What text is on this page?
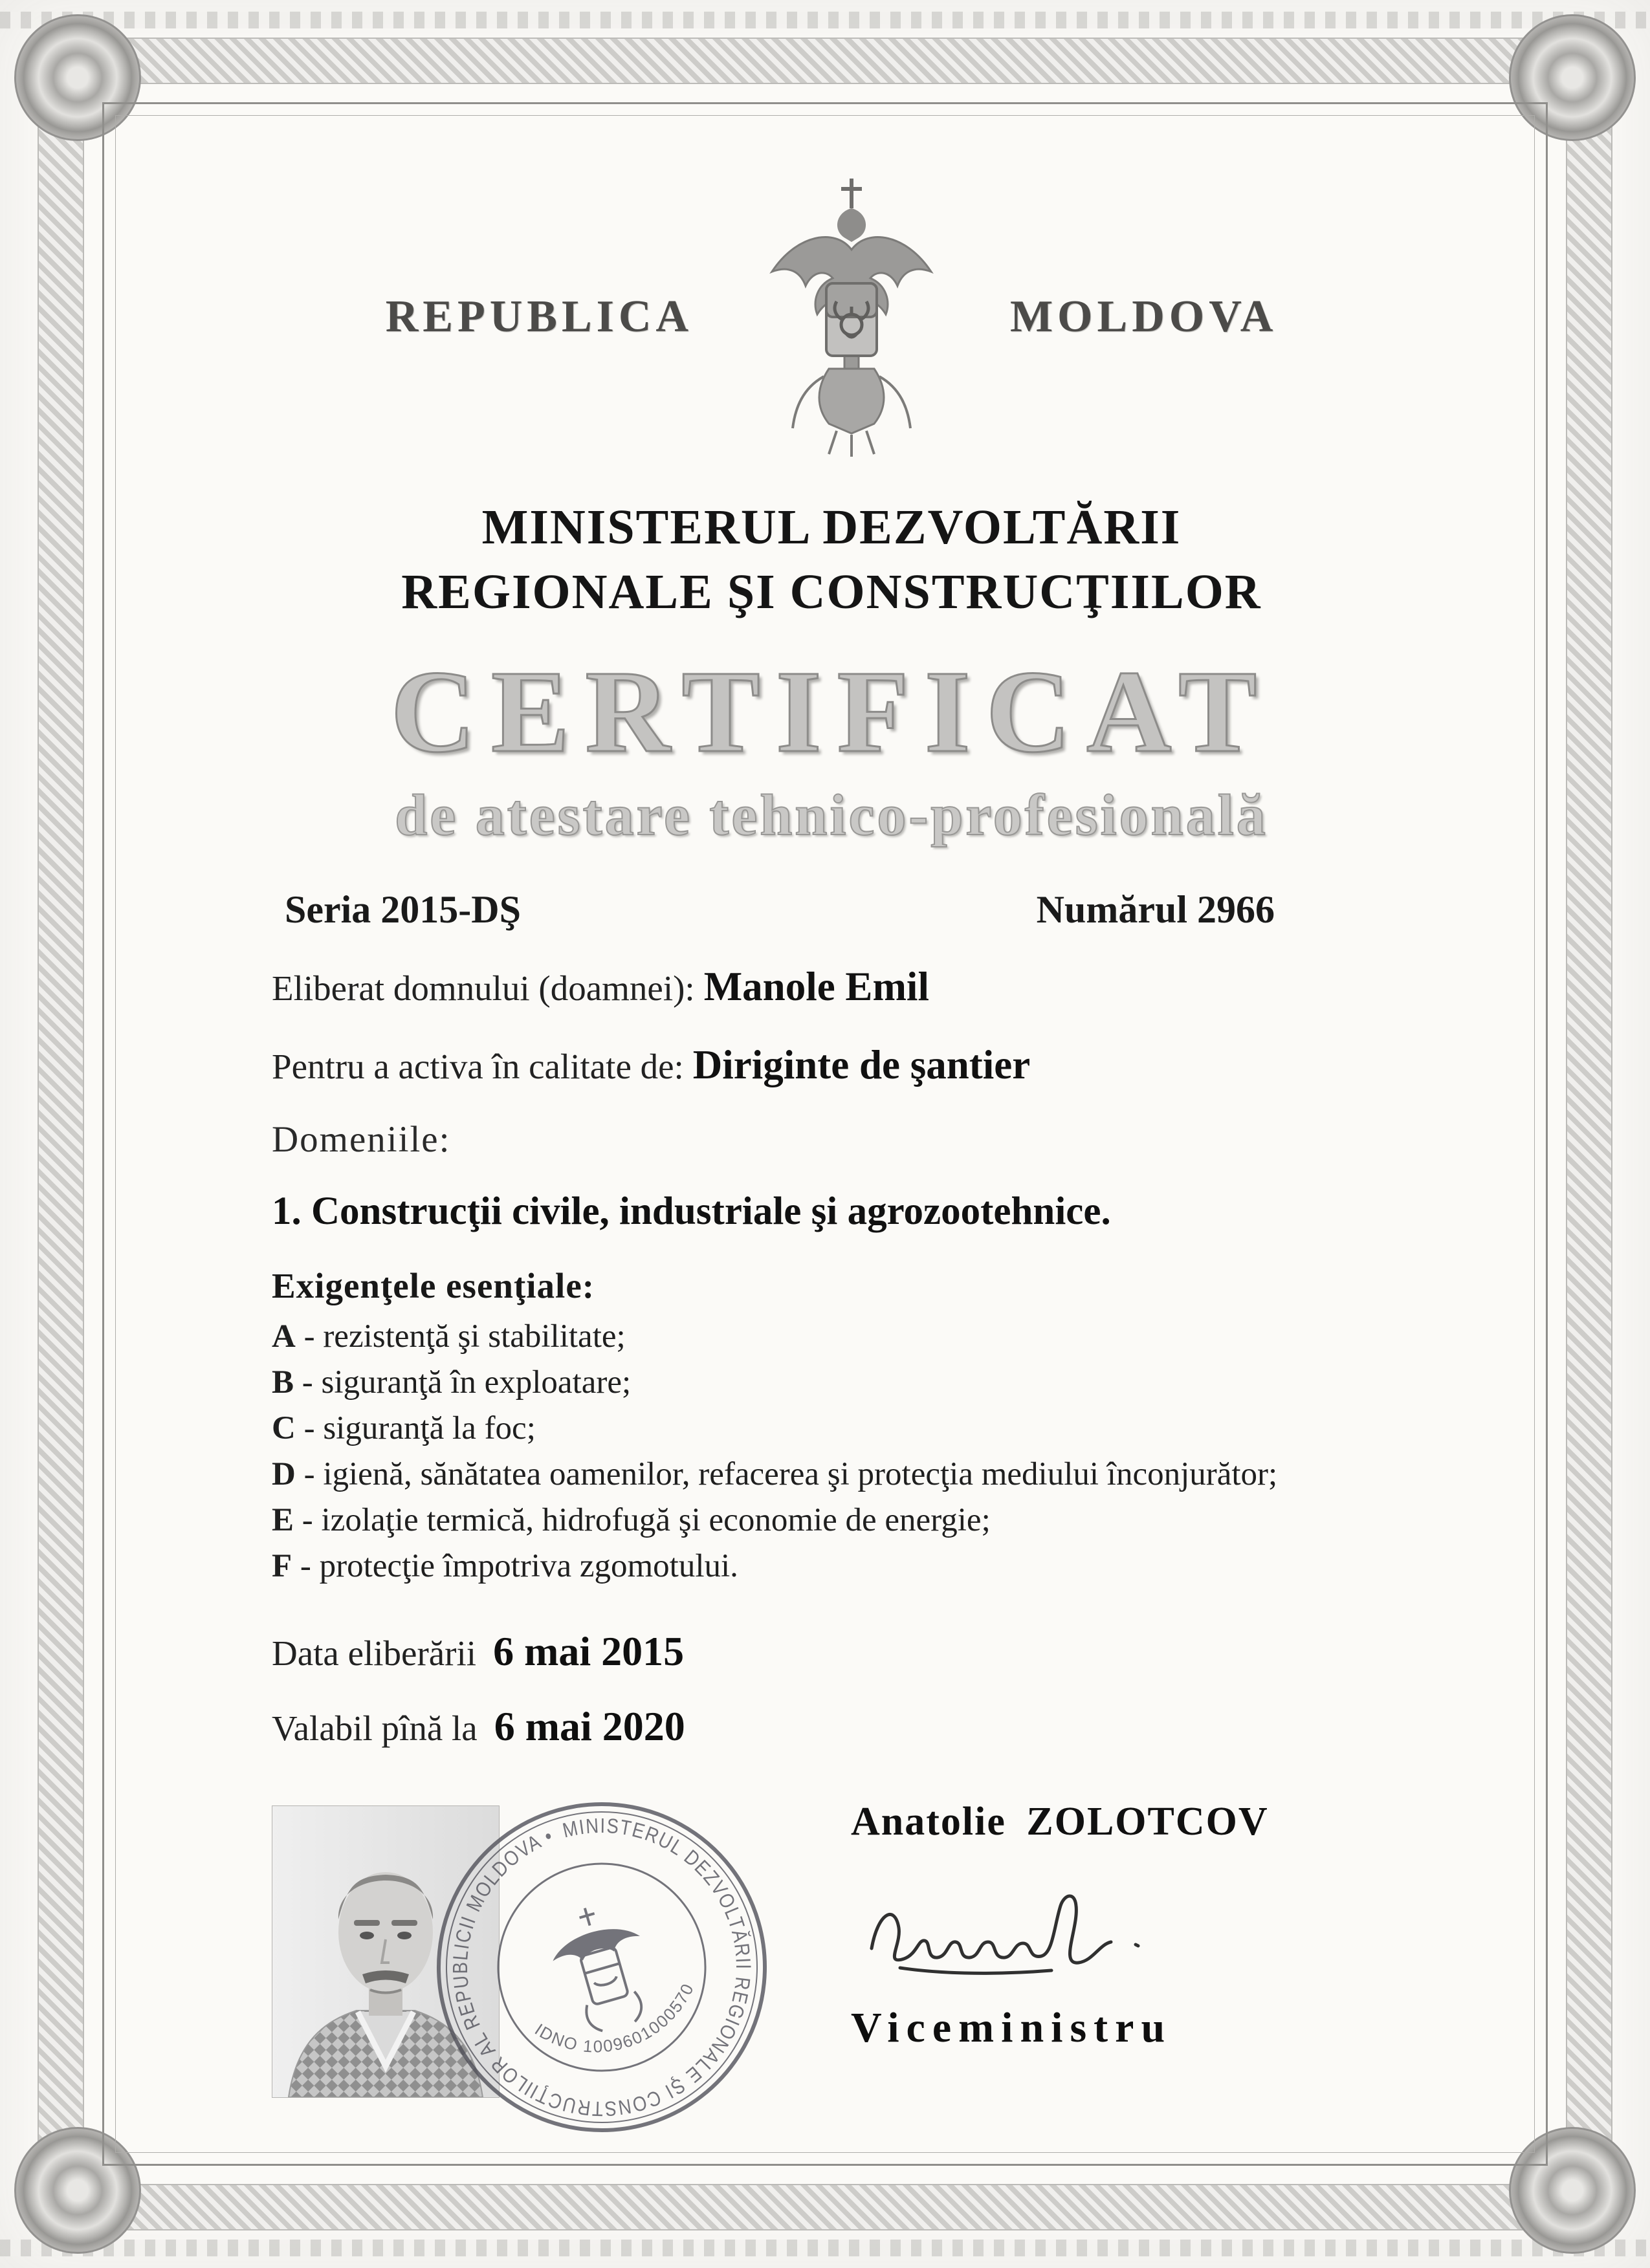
REPUBLICA	MOLDOVA
MINISTERUL DEZVOLTĂRII
REGIONALE ŞI CONSTRUCŢIILOR
CERTIFICAT
de atestare tehnico-profesională
Seria 2015-DŞ	Numărul 2966
Eliberat domnului (doamnei): Manole Emil
Pentru a activa în calitate de: Diriginte de şantier
Domeniile:
1. Construcţii civile, industriale şi agrozootehnice.
Exigenţele esenţiale:
A - rezistenţă şi stabilitate;
B - siguranţă în exploatare;
C - siguranţă la foc;
D - igienă, sănătatea oamenilor, refacerea şi protecţia mediului înconjurător;
E - izolaţie termică, hidrofugă şi economie de energie;
F - protecţie împotriva zgomotului.
Data eliberării 6 mai 2015
Valabil pînă la 6 mai 2020
MINISTERUL DEZVOLTĂRII REGIONALE ŞI CONSTRUCŢIILOR AL REPUBLICII MOLDOVA •
IDNO 1009601000570
Anatolie ZOLOTCOV
Viceministru
